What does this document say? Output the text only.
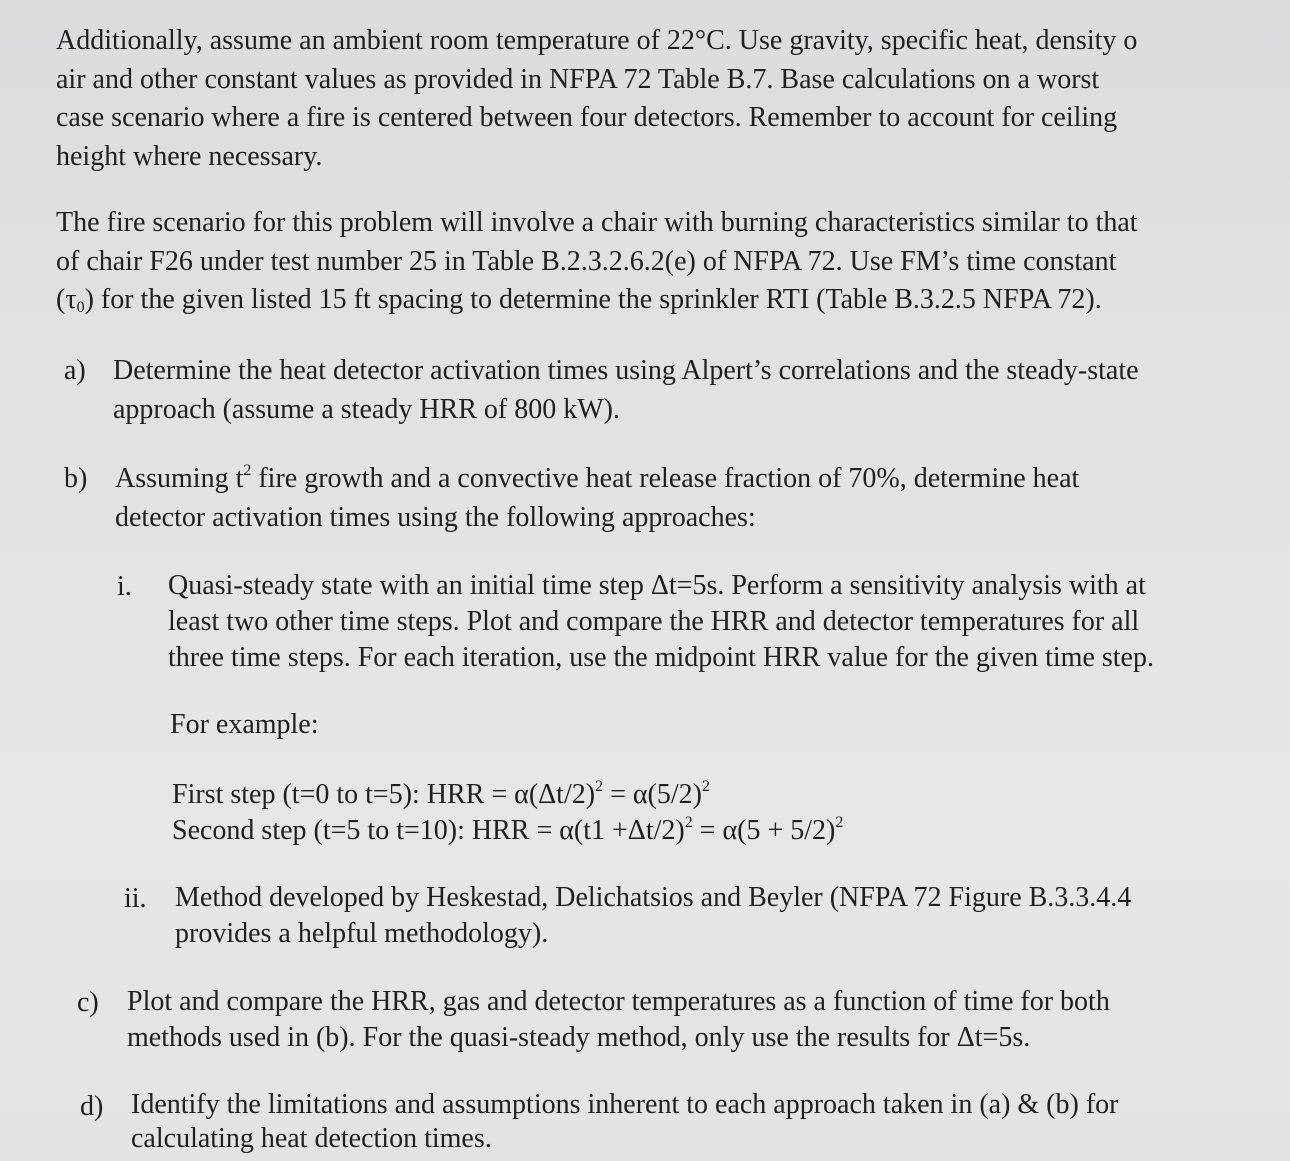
Additionally, assume an ambient room temperature of 22°C. Use gravity, specific heat, density o
air and other constant values as provided in NFPA 72 Table B.7. Base calculations on a worst
case scenario where a fire is centered between four detectors. Remember to account for ceiling
height where necessary.
The fire scenario for this problem will involve a chair with burning characteristics similar to that
of chair F26 under test number 25 in Table B.2.3.2.6.2(e) of NFPA 72. Use FM’s time constant
$(\tau_0)$ for the given listed 15 ft spacing to determine the sprinkler RTI (Table B.3.2.5 NFPA 72).
a) Determine the heat detector activation times using Alpert’s correlations and the steady-state
approach (assume a steady HRR of 800 kW).
b) Assuming $t^2$ fire growth and a convective heat release fraction of 70%, determine heat
detector activation times using the following approaches:
i. Quasi-steady state with an initial time step Δt=5s. Perform a sensitivity analysis with at
least two other time steps. Plot and compare the HRR and detector temperatures for all
three time steps. For each iteration, use the midpoint HRR value for the given time step.
For example:
First step (t=0 to t=5): HRR = $\alpha(\Delta t/2)^2 = \alpha(5/2)^2$
Second step (t=5 to t=10): HRR = $\alpha(t1 +\Delta t/2)^2 = \alpha(5 + 5/2)^2$
ii. Method developed by Heskestad, Delichatsios and Beyler (NFPA 72 Figure B.3.3.4.4
provides a helpful methodology).
c) Plot and compare the HRR, gas and detector temperatures as a function of time for both
methods used in (b). For the quasi-steady method, only use the results for Δt=5s.
d) Identify the limitations and assumptions inherent to each approach taken in (a) & (b) for
calculating heat detection times.
